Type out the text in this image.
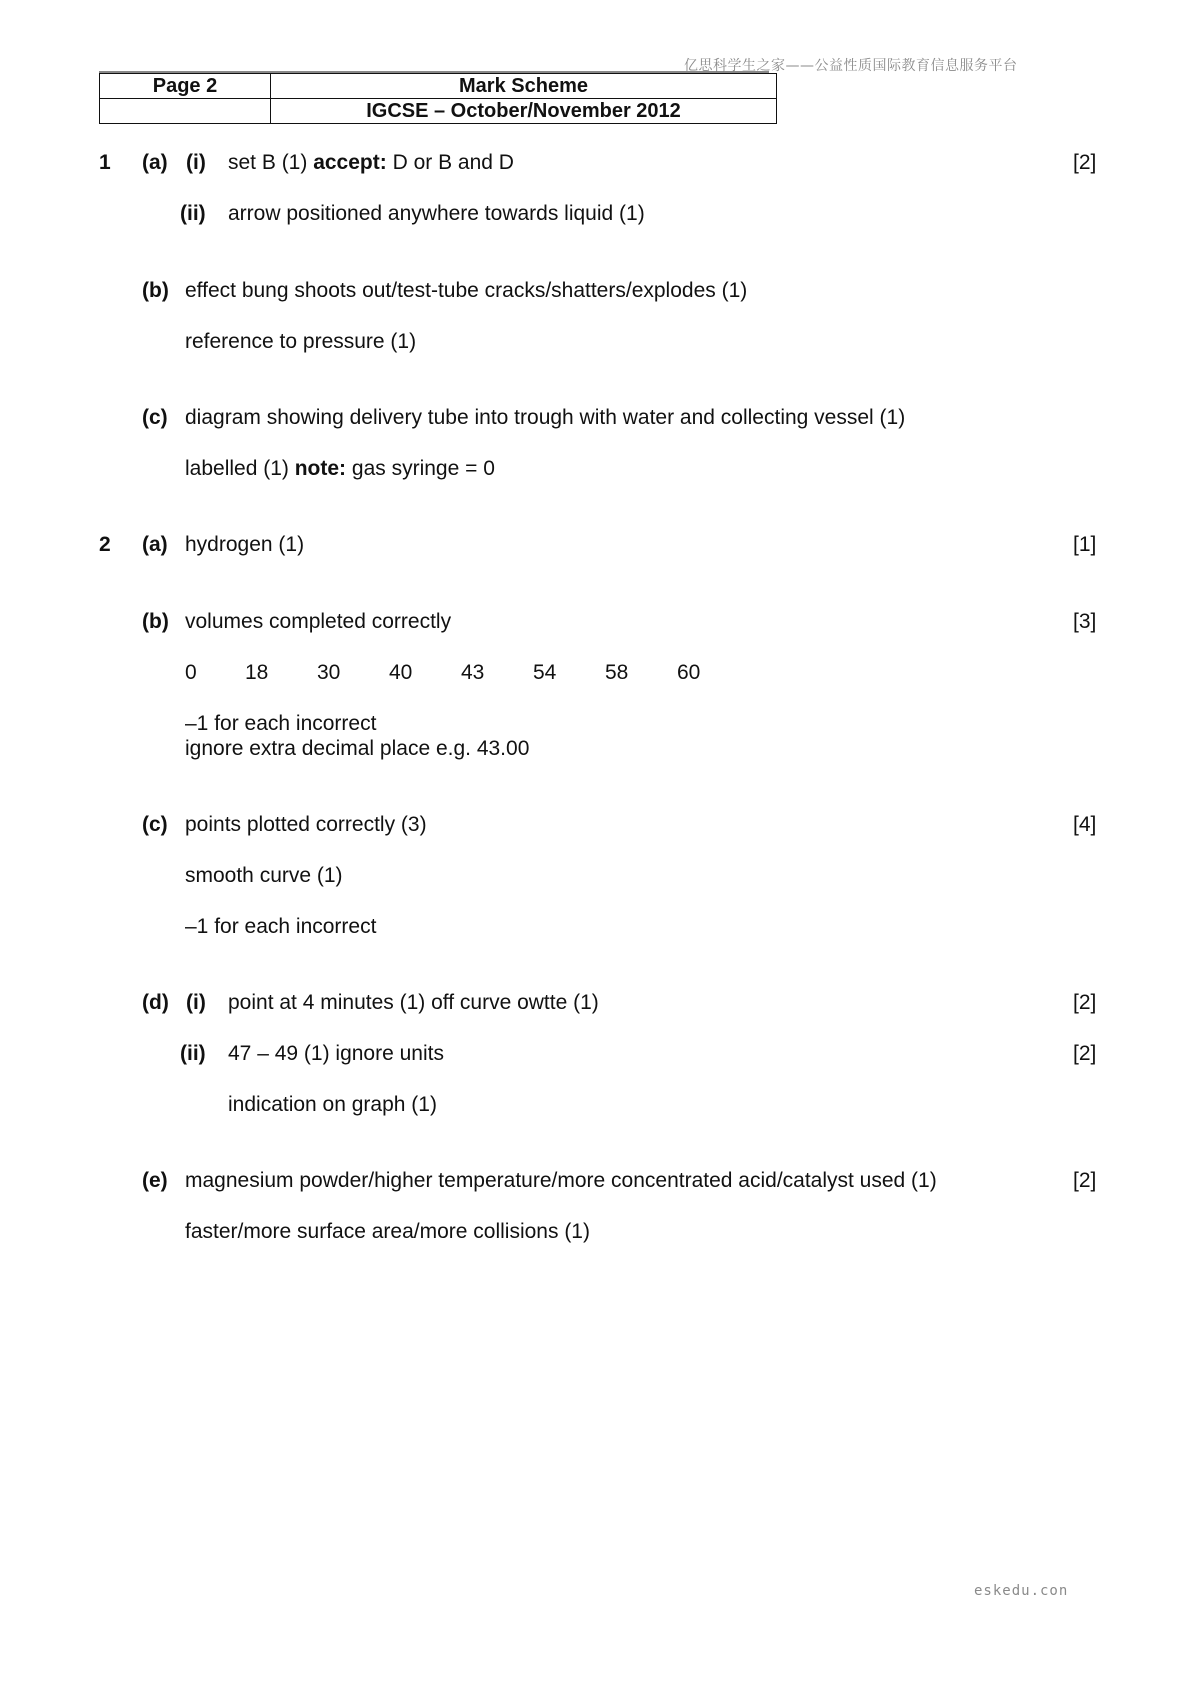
亿思科学生之家——公益性质国际教育信息服务平台
Page 2	Mark Scheme
	IGCSE – October/November 2012
1 (a) (i) set B (1) accept: D or B and D	[2]
(ii) arrow positioned anywhere towards liquid (1)
(b) effect bung shoots out/test-tube cracks/shatters/explodes (1)
reference to pressure (1)
(c) diagram showing delivery tube into trough with water and collecting vessel (1)
labelled (1) note: gas syringe = 0
2 (a) hydrogen (1)	[1]
(b) volumes completed correctly	[3]
0 18 30 40 43 54 58 60
–1 for each incorrect
ignore extra decimal place e.g. 43.00
(c) points plotted correctly (3)	[4]
smooth curve (1)
–1 for each incorrect
(d) (i) point at 4 minutes (1) off curve owtte (1)	[2]
(ii) 47 – 49 (1) ignore units	[2]
indication on graph (1)
(e) magnesium powder/higher temperature/more concentrated acid/catalyst used (1)	[2]
faster/more surface area/more collisions (1)
eskedu.con
